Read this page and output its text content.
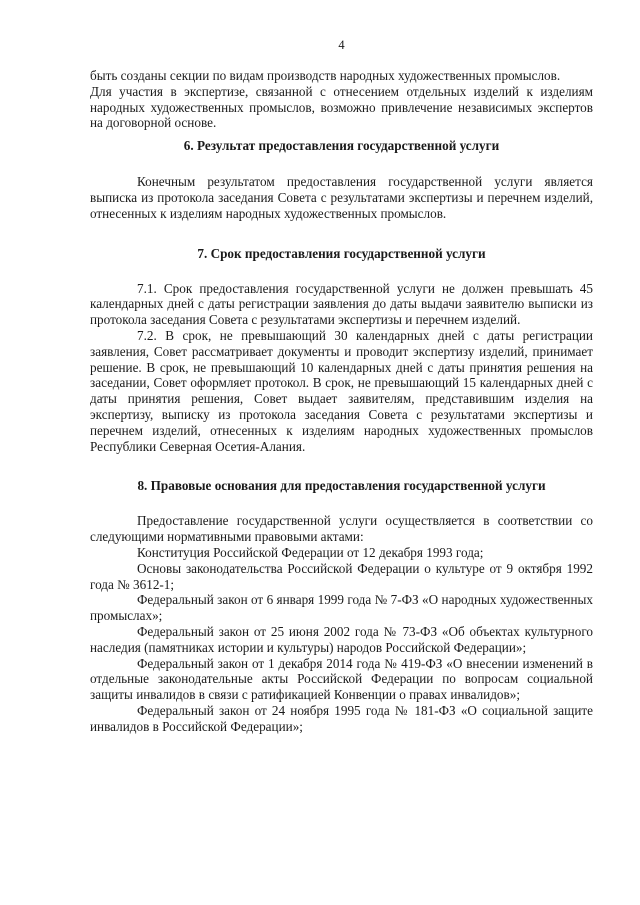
4

быть созданы секции по видам производств народных художественных промыслов.

Для участия в экспертизе, связанной с отнесением отдельных изделий к изделиям народных художественных промыслов, возможно привлечение независимых экспертов на договорной основе.

6. Результат предоставления государственной услуги

Конечным результатом предоставления государственной услуги является выписка из протокола заседания Совета с результатами экспертизы и перечнем изделий, отнесенных к изделиям народных художественных промыслов.

7. Срок предоставления государственной услуги

7.1. Срок предоставления государственной услуги не должен превышать 45 календарных дней с даты регистрации заявления до даты выдачи заявителю выписки из протокола заседания Совета с результатами экспертизы и перечнем изделий.

7.2. В срок, не превышающий 30 календарных дней с даты регистрации заявления, Совет рассматривает документы и проводит экспертизу изделий, принимает решение. В срок, не превышающий 10 календарных дней с даты принятия решения на заседании, Совет оформляет протокол. В срок, не превышающий 15 календарных дней с даты принятия решения, Совет выдает заявителям, представившим изделия на экспертизу, выписку из протокола заседания Совета с результатами экспертизы и перечнем изделий, отнесенных к изделиям народных художественных промыслов Республики Северная Осетия-Алания.

8. Правовые основания для предоставления государственной услуги

Предоставление государственной услуги осуществляется в соответствии со следующими нормативными правовыми актами:

Конституция Российской Федерации от 12 декабря 1993 года;

Основы законодательства Российской Федерации о культуре от 9 октября 1992 года № 3612-1;

Федеральный закон от 6 января 1999 года № 7-ФЗ «О народных художественных промыслах»;

Федеральный закон от 25 июня 2002 года № 73-ФЗ «Об объектах культурного наследия (памятниках истории и культуры) народов Российской Федерации»;

Федеральный закон от 1 декабря 2014 года № 419-ФЗ «О внесении изменений в отдельные законодательные акты Российской Федерации по вопросам социальной защиты инвалидов в связи с ратификацией Конвенции о правах инвалидов»;

Федеральный закон от 24 ноября 1995 года № 181-ФЗ «О социальной защите инвалидов в Российской Федерации»;
